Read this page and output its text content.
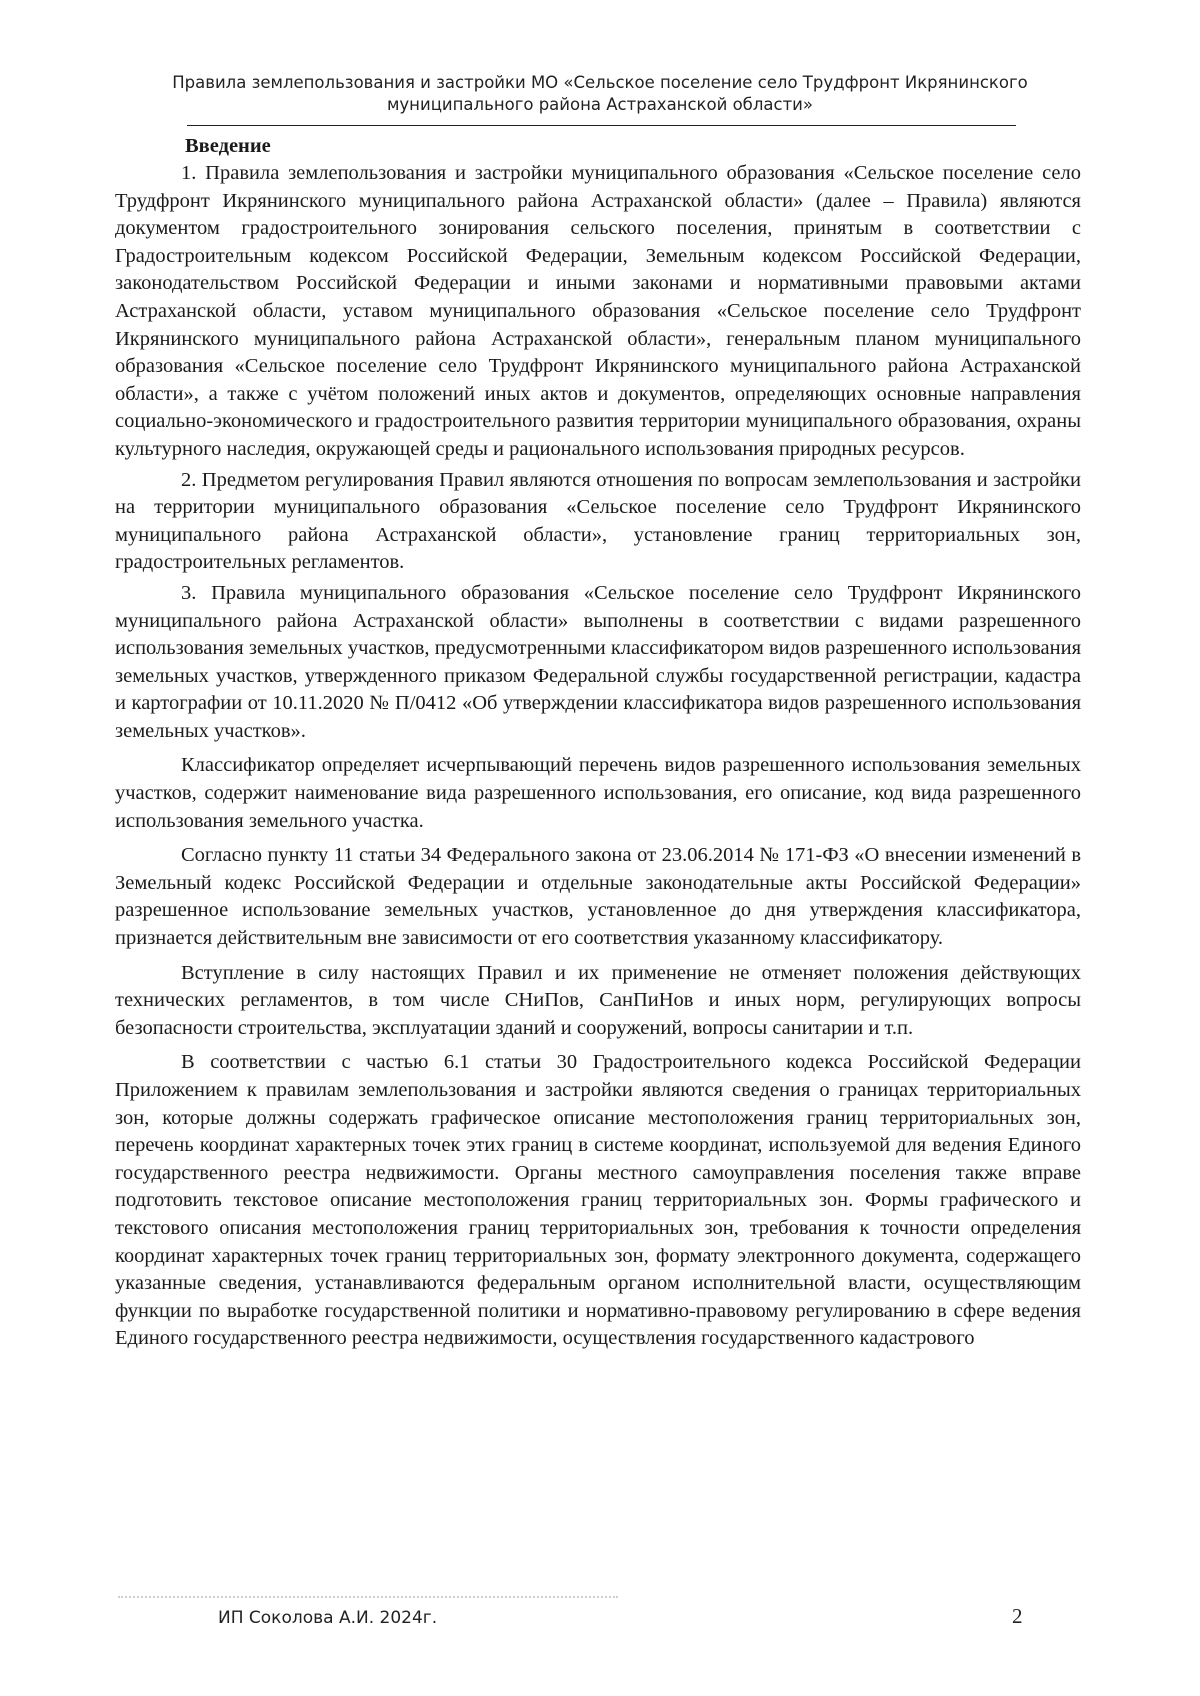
Правила землепользования и застройки МО «Сельское поселение село Трудфронт Икрянинского
муниципального района Астраханской области»

Введение

1. Правила землепользования и застройки муниципального образования «Сельское поселение село Трудфронт Икрянинского муниципального района Астраханской области» (далее – Правила) являются документом градостроительного зонирования сельского поселения, принятым в соответствии с Градостроительным кодексом Российской Федерации, Земельным кодексом Российской Федерации, законодательством Российской Федерации и иными законами и нормативными правовыми актами Астраханской области, уставом муниципального образования «Сельское поселение село Трудфронт Икрянинского муниципального района Астраханской области», генеральным планом муниципального образования «Сельское поселение село Трудфронт Икрянинского муниципального района Астраханской области», а также с учётом положений иных актов и документов, определяющих основные направления социально-экономического и градостроительного развития территории муниципального образования, охраны культурного наследия, окружающей среды и рационального использования природных ресурсов.

2. Предметом регулирования Правил являются отношения по вопросам землепользования и застройки на территории муниципального образования «Сельское поселение село Трудфронт Икрянинского муниципального района Астраханской области», установление границ территориальных зон, градостроительных регламентов.

3. Правила муниципального образования «Сельское поселение село Трудфронт Икрянинского муниципального района Астраханской области» выполнены в соответствии с видами разрешенного использования земельных участков, предусмотренными классификатором видов разрешенного использования земельных участков, утвержденного приказом Федеральной службы государственной регистрации, кадастра и картографии от 10.11.2020 № П/0412 «Об утверждении классификатора видов разрешенного использования земельных участков».

Классификатор определяет исчерпывающий перечень видов разрешенного использования земельных участков, содержит наименование вида разрешенного использования, его описание, код вида разрешенного использования земельного участка.

Согласно пункту 11 статьи 34 Федерального закона от 23.06.2014 № 171-ФЗ «О внесении изменений в Земельный кодекс Российской Федерации и отдельные законодательные акты Российской Федерации» разрешенное использование земельных участков, установленное до дня утверждения классификатора, признается действительным вне зависимости от его соответствия указанному классификатору.

Вступление в силу настоящих Правил и их применение не отменяет положения действующих технических регламентов, в том числе СНиПов, СанПиНов и иных норм, регулирующих вопросы безопасности строительства, эксплуатации зданий и сооружений, вопросы санитарии и т.п.

В соответствии с частью 6.1 статьи 30 Градостроительного кодекса Российской Федерации Приложением к правилам землепользования и застройки являются сведения о границах территориальных зон, которые должны содержать графическое описание местоположения границ территориальных зон, перечень координат характерных точек этих границ в системе координат, используемой для ведения Единого государственного реестра недвижимости. Органы местного самоуправления поселения также вправе подготовить текстовое описание местоположения границ территориальных зон. Формы графического и текстового описания местоположения границ территориальных зон, требования к точности определения координат характерных точек границ территориальных зон, формату электронного документа, содержащего указанные сведения, устанавливаются федеральным органом исполнительной власти, осуществляющим функции по выработке государственной политики и нормативно-правовому регулированию в сфере ведения Единого государственного реестра недвижимости, осуществления государственного кадастрового

ИП Соколова А.И. 2024г.	2
